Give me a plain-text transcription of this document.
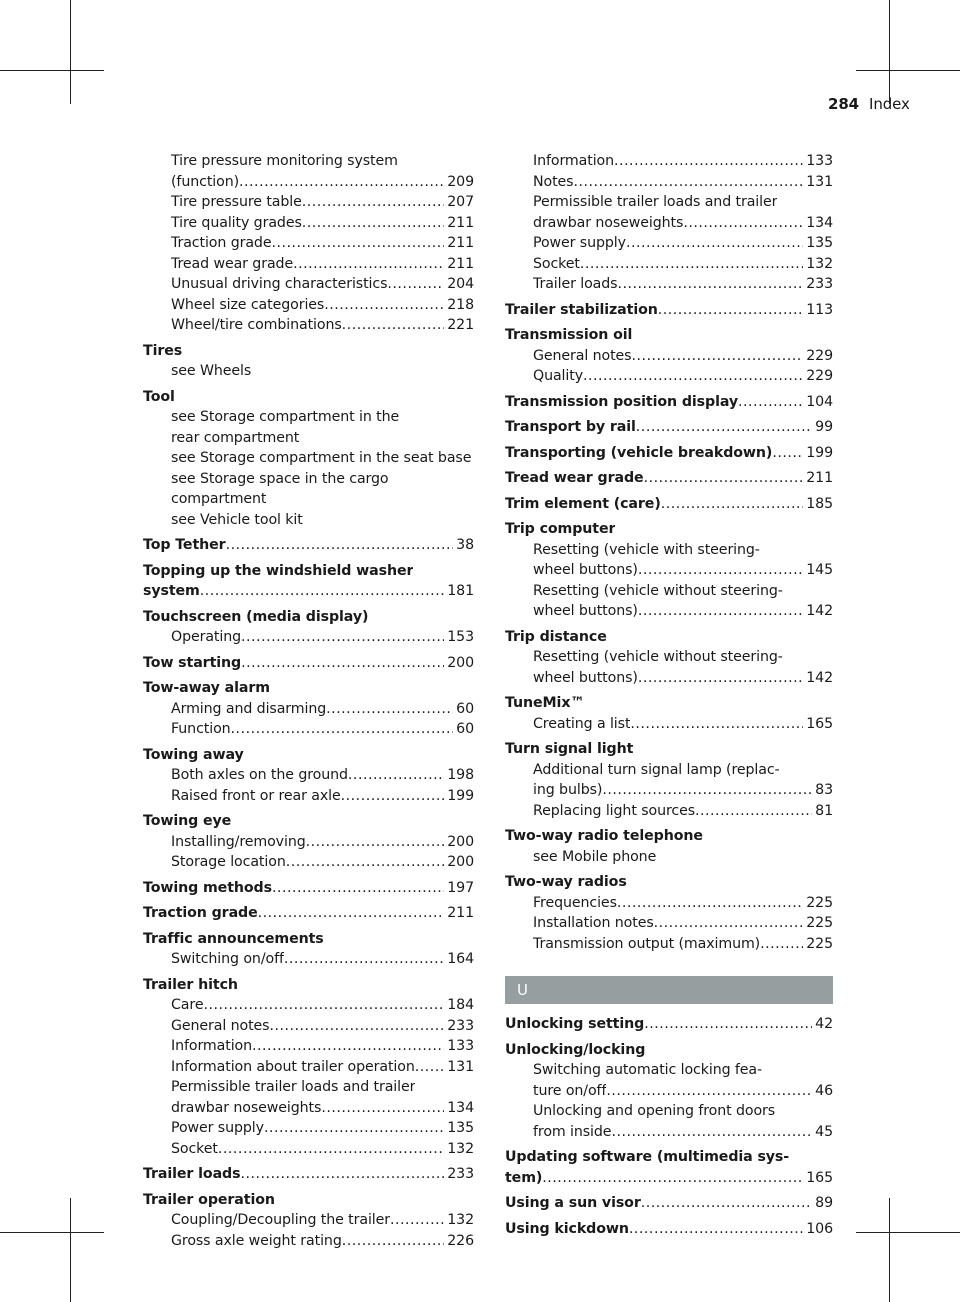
284 Index
Tire pressure monitoring system
(function) .....	209
Tire pressure table .....	207
Tire quality grades .....	211
Traction grade .....	211
Tread wear grade .....	211
Unusual driving characteristics .....	204
Wheel size categories .....	218
Wheel/tire combinations .....	221
Tires
see Wheels
Tool
see Storage compartment in the
rear compartment
see Storage compartment in the seat base
see Storage space in the cargo
compartment
see Vehicle tool kit
Top Tether .....	38
Topping up the windshield washer
system .....	181
Touchscreen (media display)
Operating .....	153
Tow starting .....	200
Tow-away alarm
Arming and disarming .....	60
Function .....	60
Towing away
Both axles on the ground .....	198
Raised front or rear axle .....	199
Towing eye
Installing/removing .....	200
Storage location .....	200
Towing methods .....	197
Traction grade .....	211
Traffic announcements
Switching on/off .....	164
Trailer hitch
Care .....	184
General notes .....	233
Information .....	133
Information about trailer operation ..... 131
Permissible trailer loads and trailer
drawbar noseweights .....	134
Power supply .....	135
Socket .....	132
Trailer loads .....	233
Trailer operation
Coupling/Decoupling the trailer .....	132
Gross axle weight rating .....	226
Information .....	133
Notes .....	131
Permissible trailer loads and trailer
drawbar noseweights .....	134
Power supply .....	135
Socket .....	132
Trailer loads .....	233
Trailer stabilization .....	113
Transmission oil
General notes .....	229
Quality .....	229
Transmission position display .....	104
Transport by rail .....	99
Transporting (vehicle breakdown) ..... 199
Tread wear grade .....	211
Trim element (care) .....	185
Trip computer
Resetting (vehicle with steering-
wheel buttons) .....	145
Resetting (vehicle without steering-
wheel buttons) .....	142
Trip distance
Resetting (vehicle without steering-
wheel buttons) .....	142
TuneMix™
Creating a list .....	165
Turn signal light
Additional turn signal lamp (replac-
ing bulbs) .....	83
Replacing light sources .....	81
Two-way radio telephone
see Mobile phone
Two-way radios
Frequencies .....	225
Installation notes .....	225
Transmission output (maximum) .....	225
U
Unlocking setting .....	42
Unlocking/locking
Switching automatic locking fea-
ture on/off .....	46
Unlocking and opening front doors
from inside .....	45
Updating software (multimedia sys-
tem) .....	165
Using a sun visor .....	89
Using kickdown .....	106
